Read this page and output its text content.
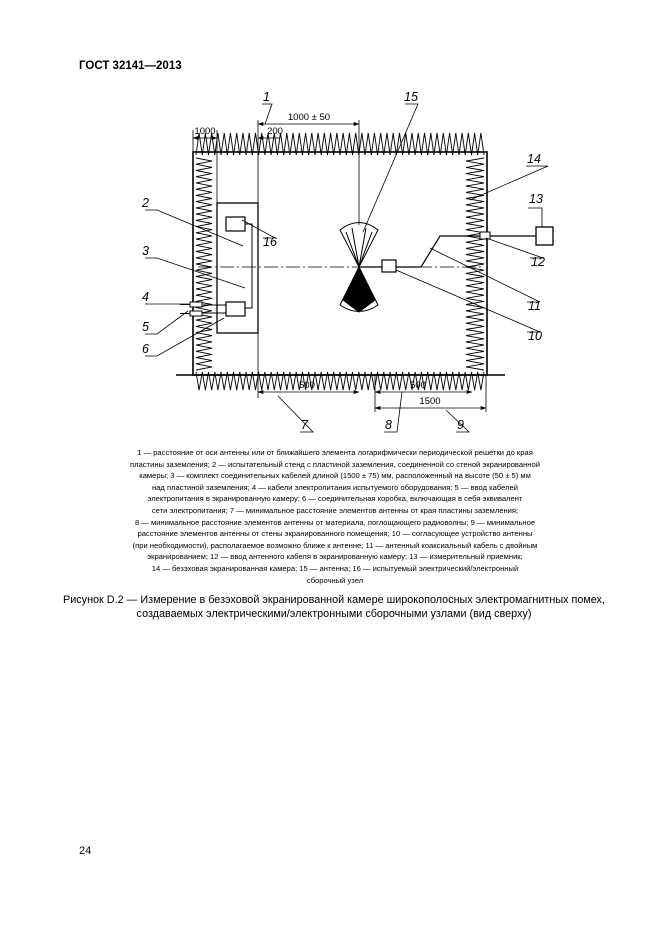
ГОСТ 32141—2013
1000	200
1000 ± 50
500	500
1500
1
2
3
4
5
6
7	8	9
10
11
12
13
14
15
16
1 — расстояние от оси антенны или от ближайшего элемента логарифмически периодической решетки до края
пластины заземления; 2 — испытательный стенд с пластиной заземления, соединенной со стеной экранированной
камеры; 3 — комплект соединительных кабелей длиной (1500 ± 75) мм, расположенный на высоте (50 ± 5) мм
над пластиной заземления; 4 — кабели электропитания испытуемого оборудования; 5 — ввод кабелей
электропитания в экранированную камеру; 6 — соединительная коробка, включающая в себя эквивалент
сети электропитания; 7 — минимальное расстояние элементов антенны от края пластины заземления;
8 — минимальное расстояние элементов антенны от материала, поглощающего радиоволны; 9 — минимальное
расстояние элементов антенны от стены экранированного помещения; 10 — согласующее устройство антенны
(при необходимости), располагаемое возможно ближе к антенне; 11 — антенный коаксиальный кабель с двойным
экранированием; 12 — ввод антенного кабеля в экранированную камеру; 13 — измерительный приемник;
14 — безэховая экранированная камера; 15 — антенна; 16 — испытуемый электрический/электронный
сборочный узел
Рисунок D.2 — Измерение в безэховой экранированной камере широкополосных электромагнитных помех,
создаваемых электрическими/электронными сборочными узлами (вид сверху)
24
